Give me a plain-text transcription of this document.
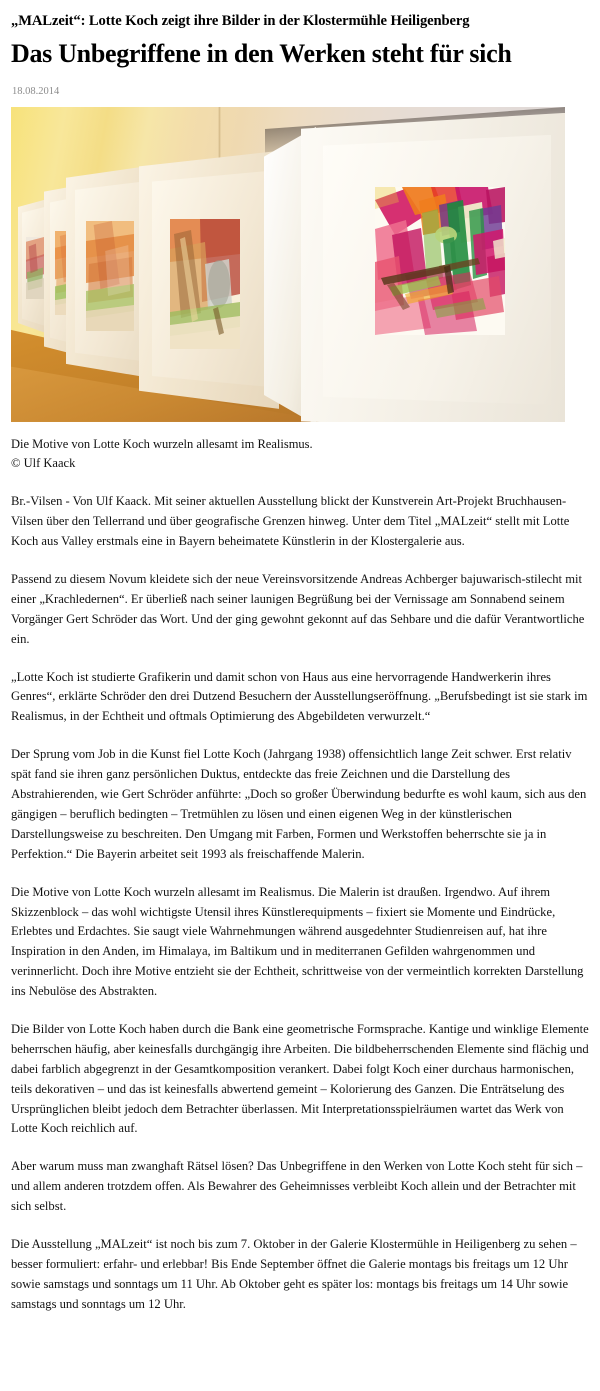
„MALzeit“: Lotte Koch zeigt ihre Bilder in der Klostermühle Heiligenberg
Das Unbegriffene in den Werken steht für sich
18.08.2014
Die Motive von Lotte Koch wurzeln allesamt im Realismus.
© Ulf Kaack

Br.-Vilsen - Von Ulf Kaack. Mit seiner aktuellen Ausstellung blickt der Kunstverein Art-Projekt Bruchhausen-Vilsen über den Tellerrand und über geografische Grenzen hinweg. Unter dem Titel „MALzeit“ stellt mit Lotte Koch aus Valley erstmals eine in Bayern beheimatete Künstlerin in der Klostergalerie aus.

Passend zu diesem Novum kleidete sich der neue Vereinsvorsitzende Andreas Achberger bajuwarisch-stilecht mit einer „Krachledernen“. Er überließ nach seiner launigen Begrüßung bei der Vernissage am Sonnabend seinem Vorgänger Gert Schröder das Wort. Und der ging gewohnt gekonnt auf das Sehbare und die dafür Verantwortliche ein.

„Lotte Koch ist studierte Grafikerin und damit schon von Haus aus eine hervorragende Handwerkerin ihres Genres“, erklärte Schröder den drei Dutzend Besuchern der Ausstellungseröffnung. „Berufsbedingt ist sie stark im Realismus, in der Echtheit und oftmals Optimierung des Abgebildeten verwurzelt.“

Der Sprung vom Job in die Kunst fiel Lotte Koch (Jahrgang 1938) offensichtlich lange Zeit schwer. Erst relativ spät fand sie ihren ganz persönlichen Duktus, entdeckte das freie Zeichnen und die Darstellung des Abstrahierenden, wie Gert Schröder anführte: „Doch so großer Überwindung bedurfte es wohl kaum, sich aus den gängigen – beruflich bedingten – Tretmühlen zu lösen und einen eigenen Weg in der künstlerischen Darstellungsweise zu beschreiten. Den Umgang mit Farben, Formen und Werkstoffen beherrschte sie ja in Perfektion.“ Die Bayerin arbeitet seit 1993 als freischaffende Malerin.

Die Motive von Lotte Koch wurzeln allesamt im Realismus. Die Malerin ist draußen. Irgendwo. Auf ihrem Skizzenblock – das wohl wichtigste Utensil ihres Künstlerequipments – fixiert sie Momente und Eindrücke, Erlebtes und Erdachtes. Sie saugt viele Wahrnehmungen während ausgedehnter Studienreisen auf, hat ihre Inspiration in den Anden, im Himalaya, im Baltikum und in mediterranen Gefilden wahrgenommen und verinnerlicht. Doch ihre Motive entzieht sie der Echtheit, schrittweise von der vermeintlich korrekten Darstellung ins Nebulöse des Abstrakten.

Die Bilder von Lotte Koch haben durch die Bank eine geometrische Formsprache. Kantige und winklige Elemente beherrschen häufig, aber keinesfalls durchgängig ihre Arbeiten. Die bildbeherrschenden Elemente sind flächig und dabei farblich abgegrenzt in der Gesamtkomposition verankert. Dabei folgt Koch einer durchaus harmonischen, teils dekorativen – und das ist keinesfalls abwertend gemeint – Kolorierung des Ganzen. Die Enträtselung des Ursprünglichen bleibt jedoch dem Betrachter überlassen. Mit Interpretationsspielräumen wartet das Werk von Lotte Koch reichlich auf.

Aber warum muss man zwanghaft Rätsel lösen? Das Unbegriffene in den Werken von Lotte Koch steht für sich – und allem anderen trotzdem offen. Als Bewahrer des Geheimnisses verbleibt Koch allein und der Betrachter mit sich selbst.

Die Ausstellung „MALzeit“ ist noch bis zum 7. Oktober in der Galerie Klostermühle in Heiligenberg zu sehen – besser formuliert: erfahr- und erlebbar! Bis Ende September öffnet die Galerie montags bis freitags um 12 Uhr sowie samstags und sonntags um 11 Uhr. Ab Oktober geht es später los: montags bis freitags um 14 Uhr sowie samstags und sonntags um 12 Uhr.
